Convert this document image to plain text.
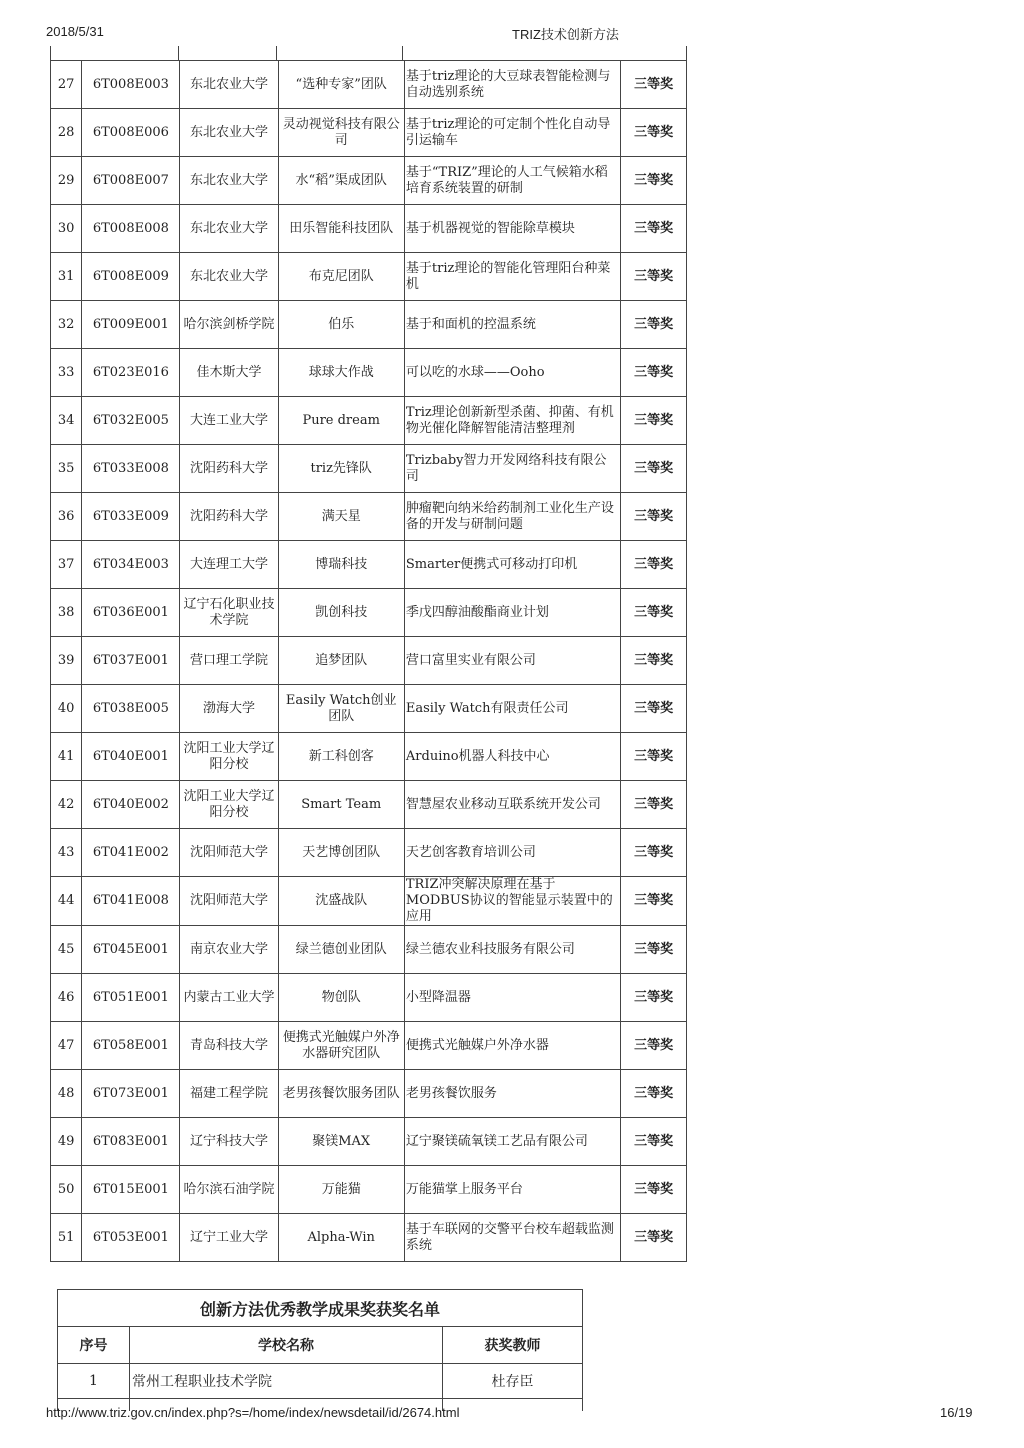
2018/5/31	TRIZ技术创新方法
27	6T008E003	东北农业大学	“选种专家”团队	基于triz理论的大豆球表智能检测与自动选别系统	三等奖
28	6T008E006	东北农业大学	灵动视觉科技有限公司	基于triz理论的可定制个性化自动导引运输车	三等奖
29	6T008E007	东北农业大学	水“稻”渠成团队	基于“TRIZ”理论的人工气候箱水稻培育系统装置的研制	三等奖
30	6T008E008	东北农业大学	田乐智能科技团队	基于机器视觉的智能除草模块	三等奖
31	6T008E009	东北农业大学	布克尼团队	基于triz理论的智能化管理阳台种菜机	三等奖
32	6T009E001	哈尔滨剑桥学院	伯乐	基于和面机的控温系统	三等奖
33	6T023E016	佳木斯大学	球球大作战	可以吃的水球——Ooho	三等奖
34	6T032E005	大连工业大学	Pure dream	Triz理论创新新型杀菌、抑菌、有机物光催化降解智能清洁整理剂	三等奖
35	6T033E008	沈阳药科大学	triz先锋队	Trizbaby智力开发网络科技有限公司	三等奖
36	6T033E009	沈阳药科大学	满天星	肿瘤靶向纳米给药制剂工业化生产设备的开发与研制问题	三等奖
37	6T034E003	大连理工大学	博瑞科技	Smarter便携式可移动打印机	三等奖
38	6T036E001	辽宁石化职业技术学院	凯创科技	季戊四醇油酸酯商业计划	三等奖
39	6T037E001	营口理工学院	追梦团队	营口富里实业有限公司	三等奖
40	6T038E005	渤海大学	Easily Watch创业团队	Easily Watch有限责任公司	三等奖
41	6T040E001	沈阳工业大学辽阳分校	新工科创客	Arduino机器人科技中心	三等奖
42	6T040E002	沈阳工业大学辽阳分校	Smart Team	智慧屋农业移动互联系统开发公司	三等奖
43	6T041E002	沈阳师范大学	天艺博创团队	天艺创客教育培训公司	三等奖
44	6T041E008	沈阳师范大学	沈盛战队	TRIZ冲突解决原理在基于MODBUS协议的智能显示装置中的应用	三等奖
45	6T045E001	南京农业大学	绿兰德创业团队	绿兰德农业科技服务有限公司	三等奖
46	6T051E001	内蒙古工业大学	物创队	小型降温器	三等奖
47	6T058E001	青岛科技大学	便携式光触媒户外净水器研究团队	便携式光触媒户外净水器	三等奖
48	6T073E001	福建工程学院	老男孩餐饮服务团队	老男孩餐饮服务	三等奖
49	6T083E001	辽宁科技大学	聚镁MAX	辽宁聚镁硫氧镁工艺品有限公司	三等奖
50	6T015E001	哈尔滨石油学院	万能猫	万能猫掌上服务平台	三等奖
51	6T053E001	辽宁工业大学	Alpha-Win	基于车联网的交警平台校车超载监测系统	三等奖
创新方法优秀教学成果奖获奖名单		
序号	学校名称	获奖教师
1	常州工程职业技术学院	杜存臣

http://www.triz.gov.cn/index.php?s=/home/index/newsdetail/id/2674.html	16/19
